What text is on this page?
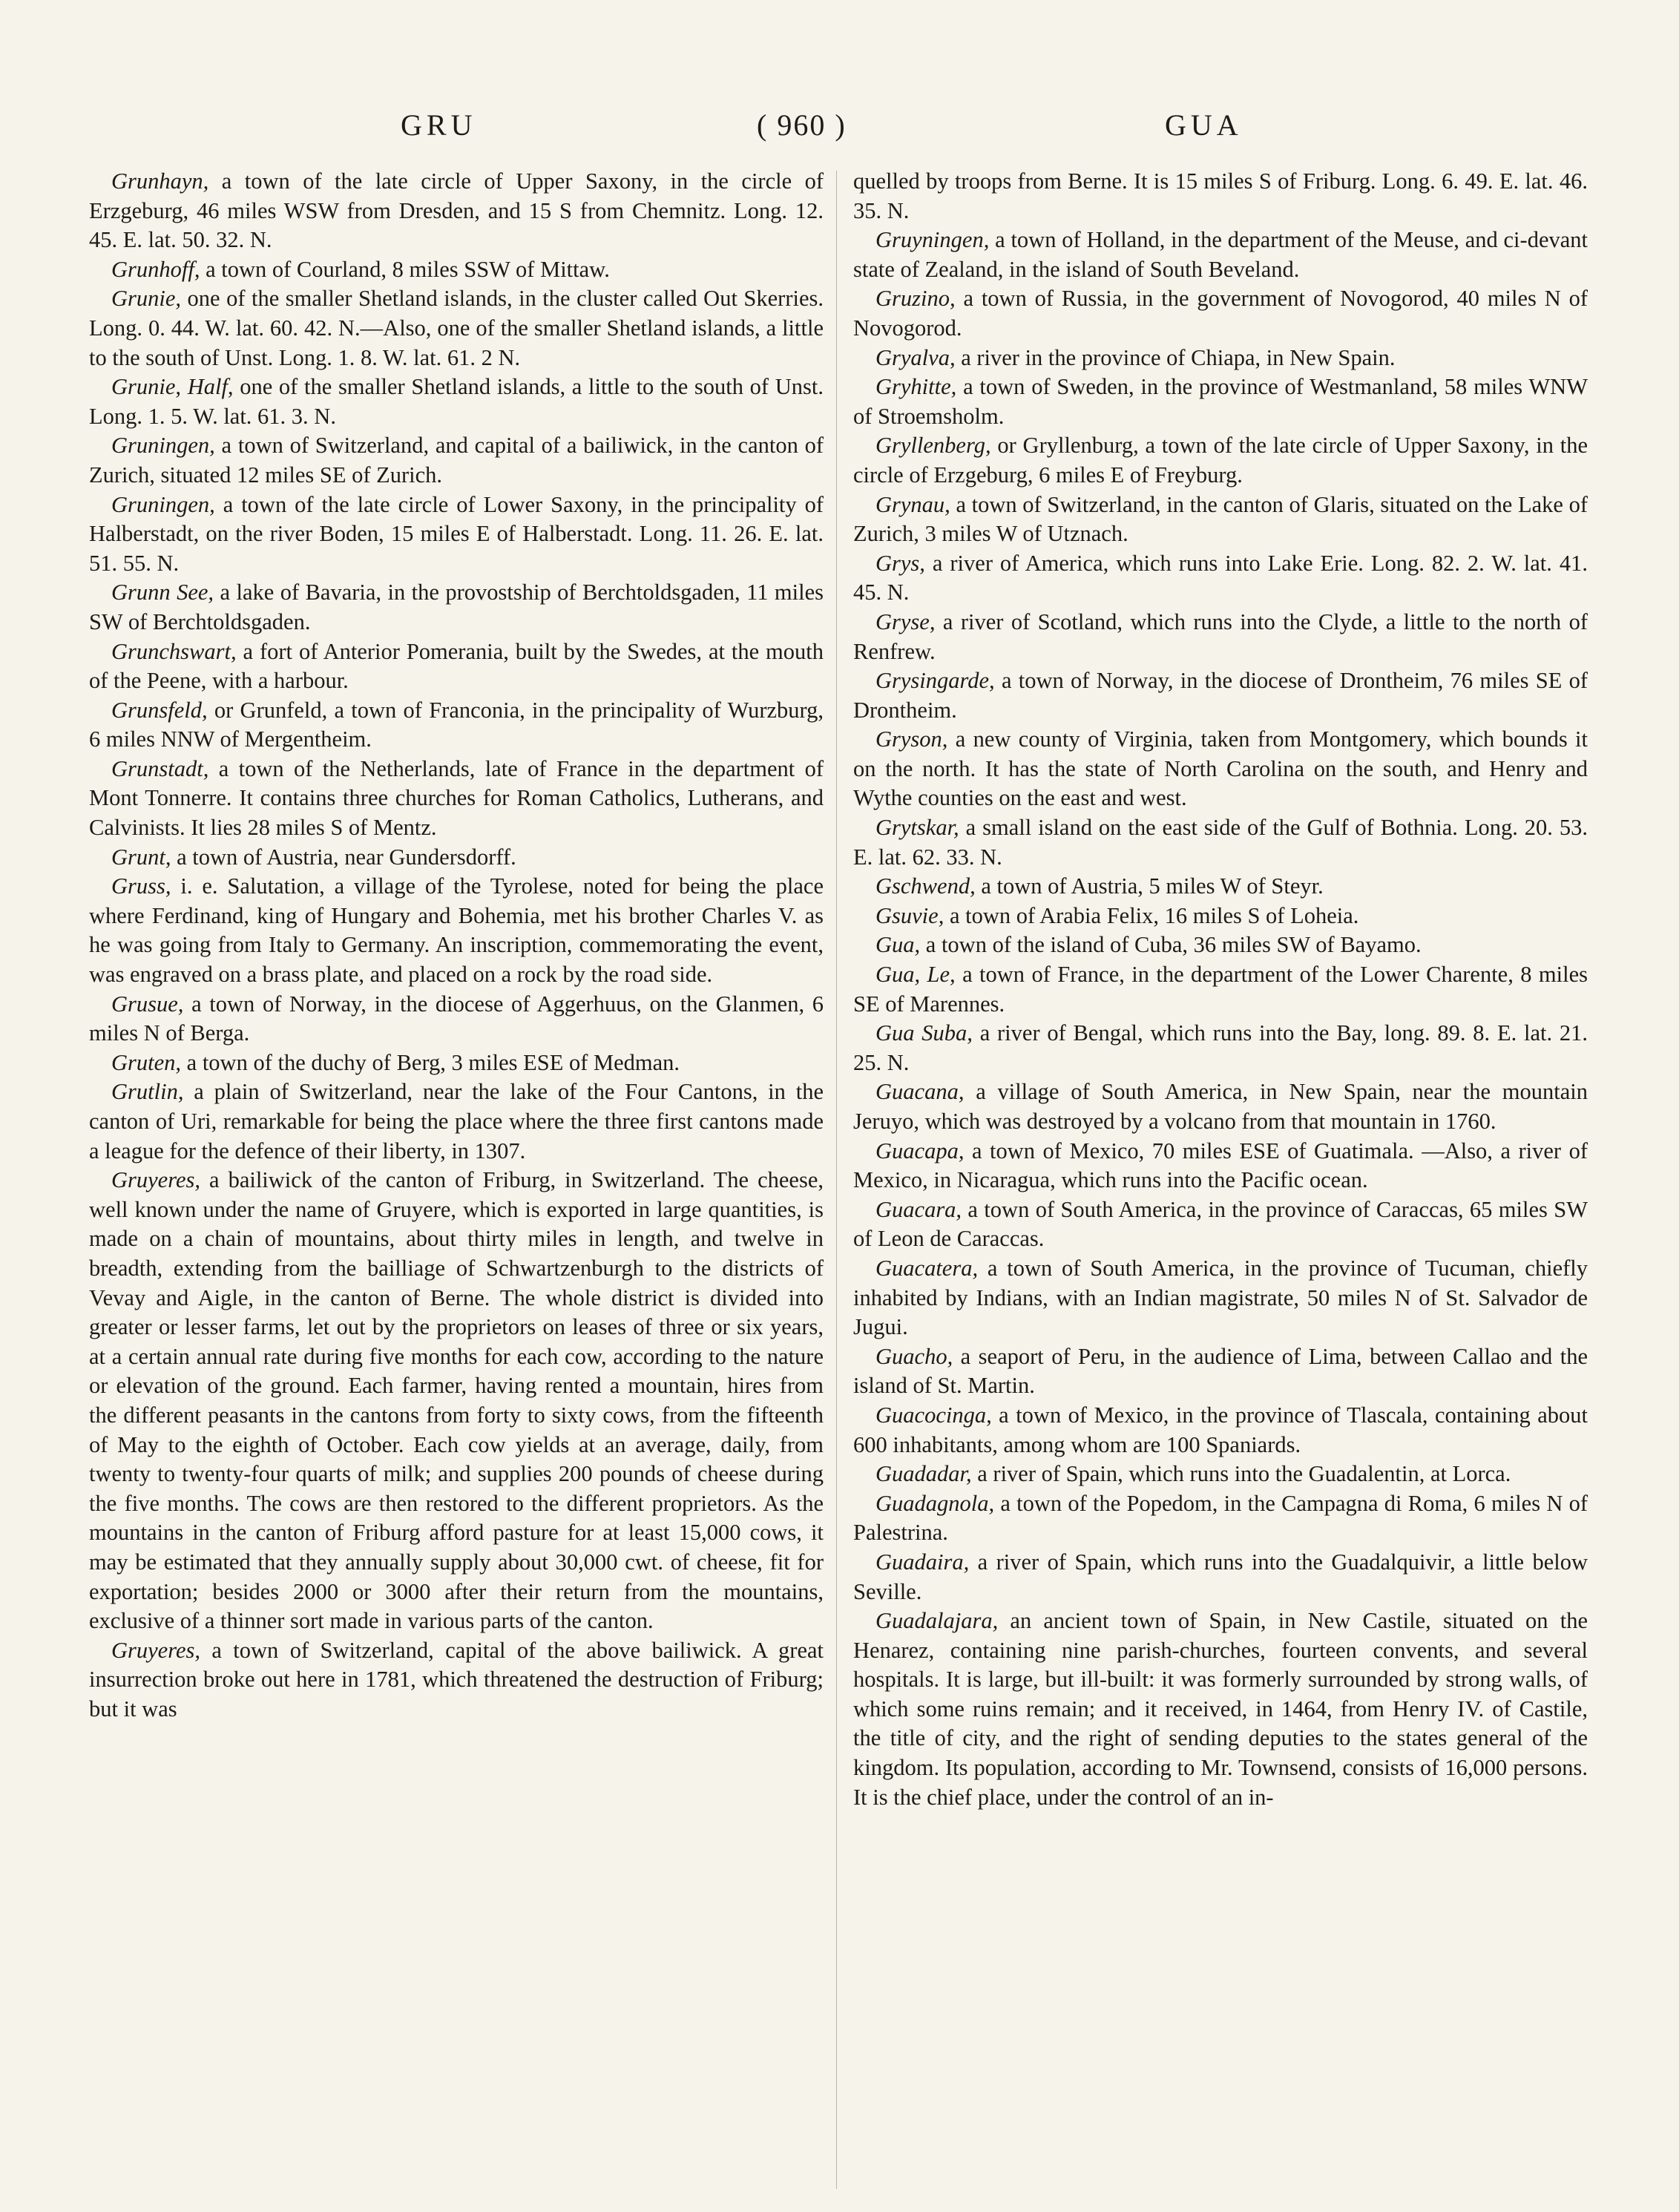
GRU	( 960 )	GUA

Grunhayn, a town of the late circle of Upper Saxony, in the circle of Erzgeburg, 46 miles WSW from Dresden, and 15 S from Chemnitz. Long. 12. 45. E. lat. 50. 32. N.

Grunhoff, a town of Courland, 8 miles SSW of Mittaw.

Grunie, one of the smaller Shetland islands, in the cluster called Out Skerries. Long. 0. 44. W. lat. 60. 42. N.—Also, one of the smaller Shetland islands, a little to the south of Unst. Long. 1. 8. W. lat. 61. 2 N.

Grunie, Half, one of the smaller Shetland islands, a little to the south of Unst. Long. 1. 5. W. lat. 61. 3. N.

Gruningen, a town of Switzerland, and capital of a bailiwick, in the canton of Zurich, situated 12 miles SE of Zurich.

Gruningen, a town of the late circle of Lower Saxony, in the principality of Halberstadt, on the river Boden, 15 miles E of Halberstadt. Long. 11. 26. E. lat. 51. 55. N.

Grunn See, a lake of Bavaria, in the provostship of Berchtoldsgaden, 11 miles SW of Berchtoldsgaden.

Grunchswart, a fort of Anterior Pomerania, built by the Swedes, at the mouth of the Peene, with a harbour.

Grunsfeld, or Grunfeld, a town of Franconia, in the principality of Wurzburg, 6 miles NNW of Mergentheim.

Grunstadt, a town of the Netherlands, late of France in the department of Mont Tonnerre. It contains three churches for Roman Catholics, Lutherans, and Calvinists. It lies 28 miles S of Mentz.

Grunt, a town of Austria, near Gundersdorff.

Gruss, i. e. Salutation, a village of the Tyrolese, noted for being the place where Ferdinand, king of Hungary and Bohemia, met his brother Charles V. as he was going from Italy to Germany. An inscription, commemorating the event, was engraved on a brass plate, and placed on a rock by the road side.

Grusue, a town of Norway, in the diocese of Aggerhuus, on the Glanmen, 6 miles N of Berga.

Gruten, a town of the duchy of Berg, 3 miles ESE of Medman.

Grutlin, a plain of Switzerland, near the lake of the Four Cantons, in the canton of Uri, remarkable for being the place where the three first cantons made a league for the defence of their liberty, in 1307.

Gruyeres, a bailiwick of the canton of Friburg, in Switzerland. The cheese, well known under the name of Gruyere, which is exported in large quantities, is made on a chain of mountains, about thirty miles in length, and twelve in breadth, extending from the bailliage of Schwartzenburgh to the districts of Vevay and Aigle, in the canton of Berne. The whole district is divided into greater or lesser farms, let out by the proprietors on leases of three or six years, at a certain annual rate during five months for each cow, according to the nature or elevation of the ground. Each farmer, having rented a mountain, hires from the different peasants in the cantons from forty to sixty cows, from the fifteenth of May to the eighth of October. Each cow yields at an average, daily, from twenty to twenty-four quarts of milk; and supplies 200 pounds of cheese during the five months. The cows are then restored to the different proprietors. As the mountains in the canton of Friburg afford pasture for at least 15,000 cows, it may be estimated that they annually supply about 30,000 cwt. of cheese, fit for exportation; besides 2000 or 3000 after their return from the mountains, exclusive of a thinner sort made in various parts of the canton.

Gruyeres, a town of Switzerland, capital of the above bailiwick. A great insurrection broke out here in 1781, which threatened the destruction of Friburg; but it was

quelled by troops from Berne. It is 15 miles S of Friburg. Long. 6. 49. E. lat. 46. 35. N.

Gruyningen, a town of Holland, in the department of the Meuse, and ci-devant state of Zealand, in the island of South Beveland.

Gruzino, a town of Russia, in the government of Novogorod, 40 miles N of Novogorod.

Gryalva, a river in the province of Chiapa, in New Spain.

Gryhitte, a town of Sweden, in the province of Westmanland, 58 miles WNW of Stroemsholm.

Gryllenberg, or Gryllenburg, a town of the late circle of Upper Saxony, in the circle of Erzgeburg, 6 miles E of Freyburg.

Grynau, a town of Switzerland, in the canton of Glaris, situated on the Lake of Zurich, 3 miles W of Utznach.

Grys, a river of America, which runs into Lake Erie. Long. 82. 2. W. lat. 41. 45. N.

Gryse, a river of Scotland, which runs into the Clyde, a little to the north of Renfrew.

Grysingarde, a town of Norway, in the diocese of Drontheim, 76 miles SE of Drontheim.

Gryson, a new county of Virginia, taken from Montgomery, which bounds it on the north. It has the state of North Carolina on the south, and Henry and Wythe counties on the east and west.

Grytskar, a small island on the east side of the Gulf of Bothnia. Long. 20. 53. E. lat. 62. 33. N.

Gschwend, a town of Austria, 5 miles W of Steyr.

Gsuvie, a town of Arabia Felix, 16 miles S of Loheia.

Gua, a town of the island of Cuba, 36 miles SW of Bayamo.

Gua, Le, a town of France, in the department of the Lower Charente, 8 miles SE of Marennes.

Gua Suba, a river of Bengal, which runs into the Bay, long. 89. 8. E. lat. 21. 25. N.

Guacana, a village of South America, in New Spain, near the mountain Jeruyo, which was destroyed by a volcano from that mountain in 1760.

Guacapa, a town of Mexico, 70 miles ESE of Guatimala. —Also, a river of Mexico, in Nicaragua, which runs into the Pacific ocean.

Guacara, a town of South America, in the province of Caraccas, 65 miles SW of Leon de Caraccas.

Guacatera, a town of South America, in the province of Tucuman, chiefly inhabited by Indians, with an Indian magistrate, 50 miles N of St. Salvador de Jugui.

Guacho, a seaport of Peru, in the audience of Lima, between Callao and the island of St. Martin.

Guacocinga, a town of Mexico, in the province of Tlascala, containing about 600 inhabitants, among whom are 100 Spaniards.

Guadadar, a river of Spain, which runs into the Guadalentin, at Lorca.

Guadagnola, a town of the Popedom, in the Campagna di Roma, 6 miles N of Palestrina.

Guadaira, a river of Spain, which runs into the Guadalquivir, a little below Seville.

Guadalajara, an ancient town of Spain, in New Castile, situated on the Henarez, containing nine parish-churches, fourteen convents, and several hospitals. It is large, but ill-built: it was formerly surrounded by strong walls, of which some ruins remain; and it received, in 1464, from Henry IV. of Castile, the title of city, and the right of sending deputies to the states general of the kingdom. Its population, according to Mr. Townsend, consists of 16,000 persons. It is the chief place, under the control of an in-
